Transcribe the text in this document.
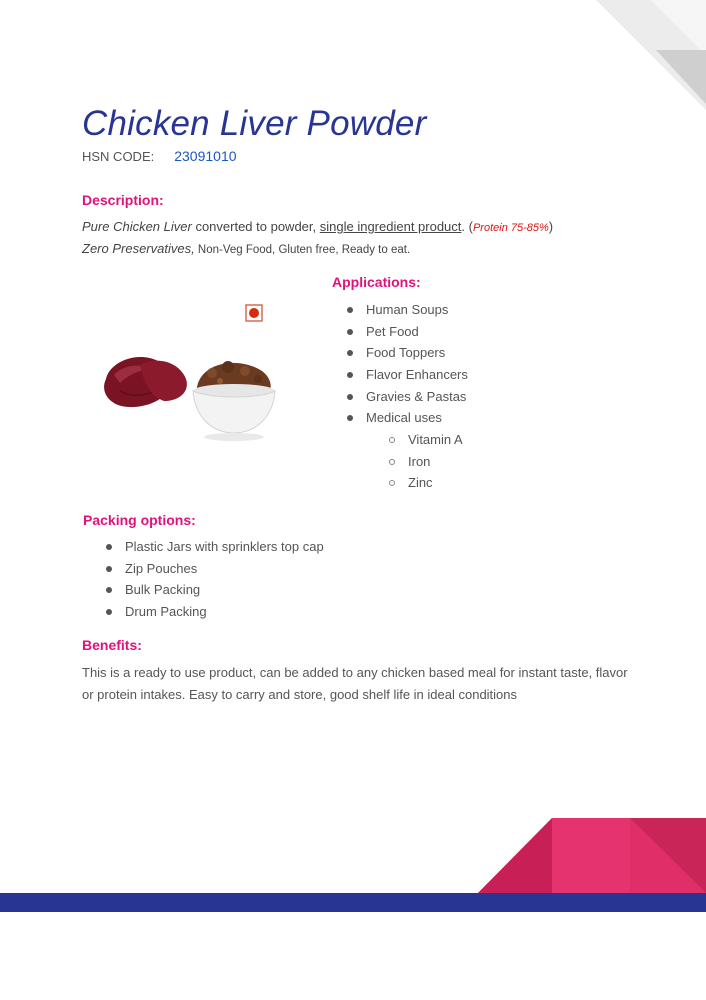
Chicken Liver Powder
HSN CODE: 23091010
Description:
Pure Chicken Liver converted to powder, single ingredient product. (Protein 75-85%)
Zero Preservatives, Non-Veg Food, Gluten free, Ready to eat.
Applications:
Human Soups
Pet Food
Food Toppers
Flavor Enhancers
Gravies & Pastas
Medical uses
Vitamin A
Iron
Zinc
Packing options:
Plastic Jars with sprinklers top cap
Zip Pouches
Bulk Packing
Drum Packing
Benefits:

This is a ready to use product, can be added to any chicken based meal for instant taste, flavor or protein intakes. Easy to carry and store, good shelf life in ideal conditions
